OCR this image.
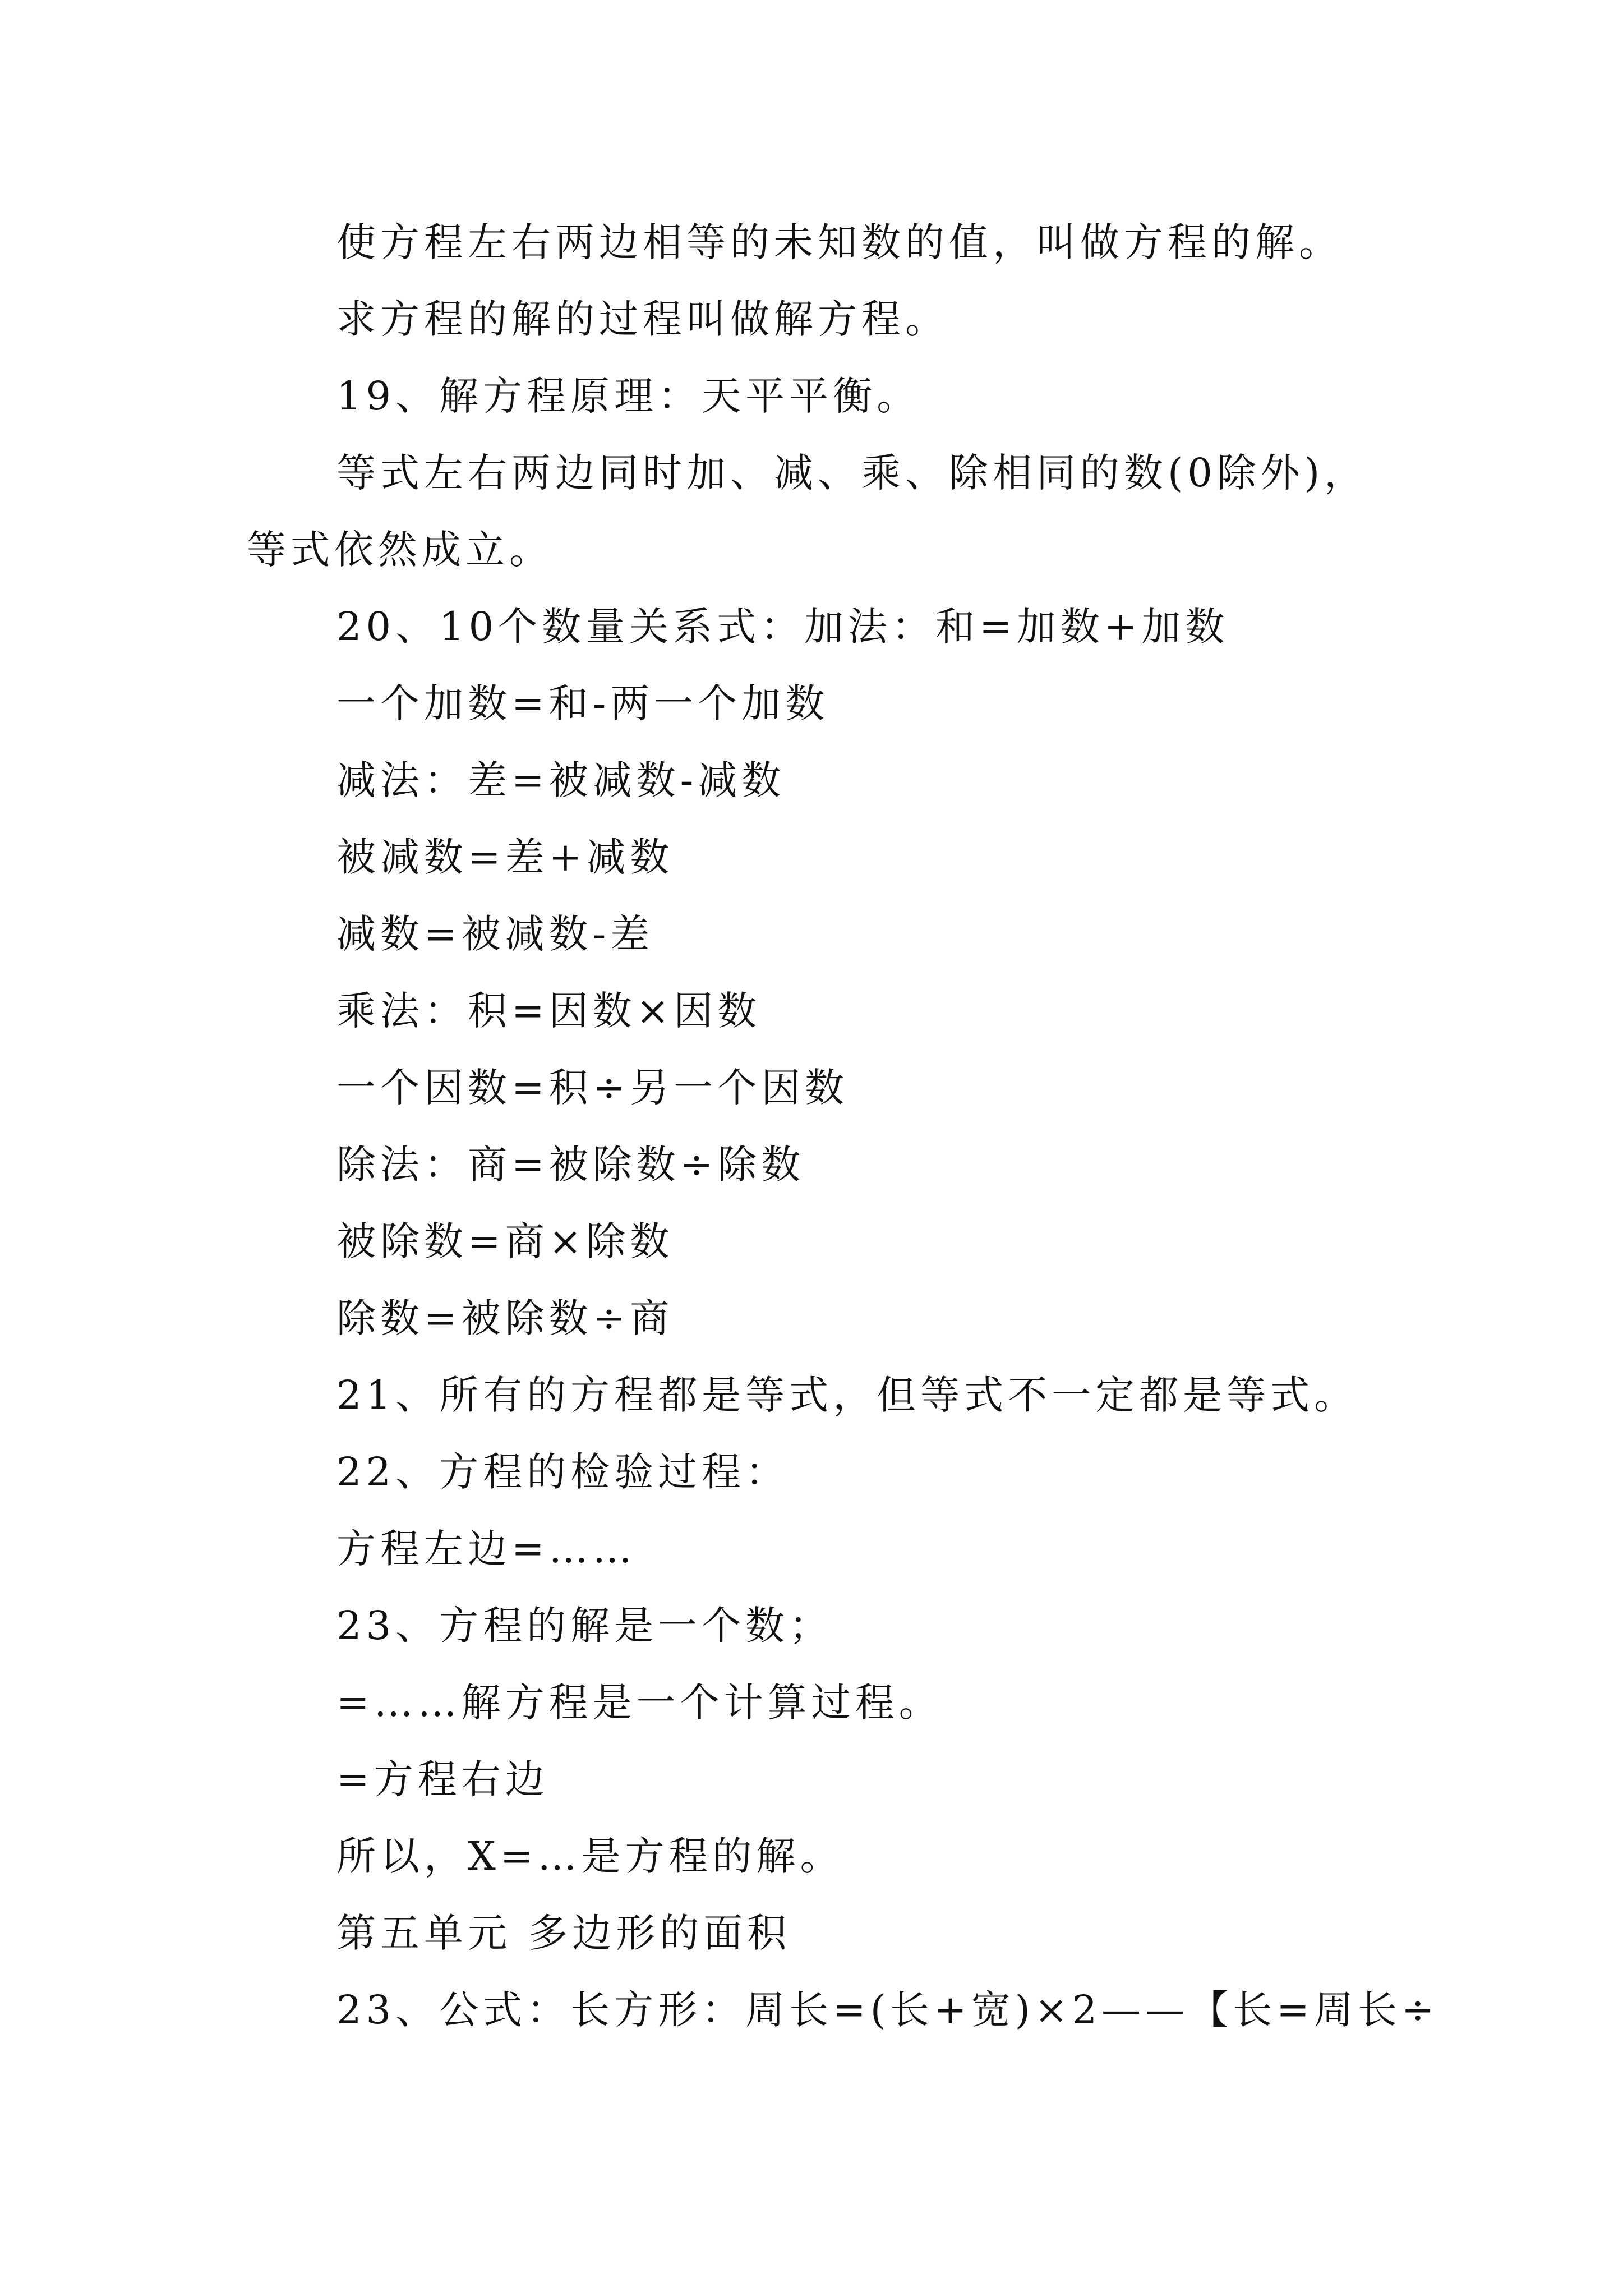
使方程左右两边相等的未知数的值，叫做方程的解。
求方程的解的过程叫做解方程。
19、解方程原理：天平平衡。
等式左右两边同时加、减、乘、除相同的数(0除外)，
等式依然成立。
20、10个数量关系式：加法：和=加数+加数
一个加数=和-两一个加数
减法：差=被减数-减数
被减数=差+减数
减数=被减数-差
乘法：积=因数×因数
一个因数=积÷另一个因数
除法：商=被除数÷除数
被除数=商×除数
除数=被除数÷商
21、所有的方程都是等式，但等式不一定都是等式。
22、方程的检验过程：
方程左边=……
23、方程的解是一个数；
=……解方程是一个计算过程。
=方程右边
所以，X=…是方程的解。
第五单元 多边形的面积
23、公式：长方形：周长=(长+宽)×2——【长=周长÷
